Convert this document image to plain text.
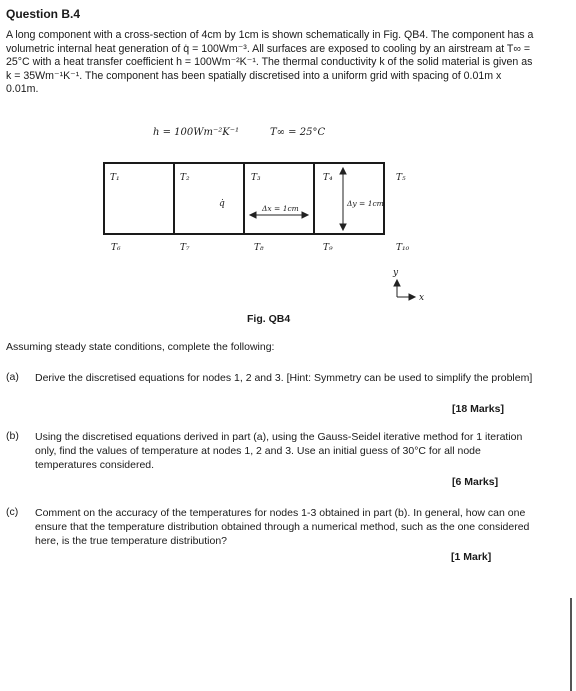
Question B.4
A long component with a cross-section of 4cm by 1cm is shown schematically in Fig. QB4. The component has a volumetric internal heat generation of q̇ = 100Wm⁻³. All surfaces are exposed to cooling by an airstream at T∞ = 25°C with a heat transfer coefficient h = 100Wm⁻²K⁻¹. The thermal conductivity k of the solid material is given as k = 35Wm⁻¹K⁻¹. The component has been spatially discretised into a uniform grid with spacing of 0.01m x 0.01m.
h = 100Wm⁻²K⁻¹	T∞ = 25°C
Δx = 1cm
Δy = 1cm
q̇
T₁	T₂	T₃	T₄	T₅
T₆	T₇	T₈	T₉	T₁₀
y
x
Fig. QB4
Assuming steady state conditions, complete the following:
(a) Derive the discretised equations for nodes 1, 2 and 3. [Hint: Symmetry can be used to simplify the problem]
[18 Marks]
(b) Using the discretised equations derived in part (a), using the Gauss-Seidel iterative method for 1 iteration only, find the values of temperature at nodes 1, 2 and 3. Use an initial guess of 30°C for all node temperatures considered.
[6 Marks]
(c) Comment on the accuracy of the temperatures for nodes 1-3 obtained in part (b). In general, how can one ensure that the temperature distribution obtained through a numerical method, such as the one considered here, is the true temperature distribution?
[1 Mark]
